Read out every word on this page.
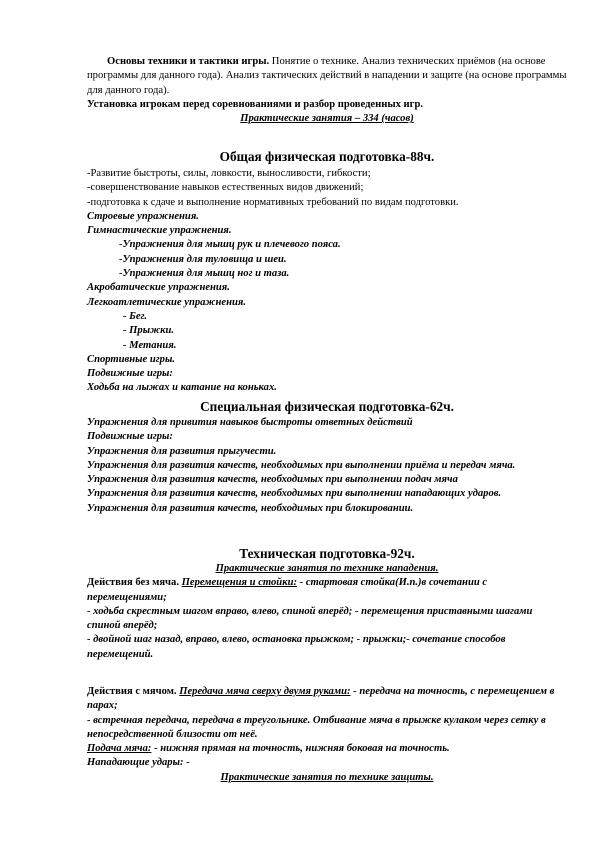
Основы техники и тактики игры. Понятие о технике. Анализ технических приёмов (на основе программы для данного года). Анализ тактических действий в нападении и защите (на основе программы для данного года).

Установка игрокам перед соревнованиями и разбор проведенных игр.

Практические занятия – 334 (часов)

Общая физическая подготовка-88ч.

-Развитие быстроты, силы, ловкости, выносливости, гибкости;

-совершенствование навыков естественных видов движений;

-подготовка к сдаче и выполнение нормативных требований по видам подготовки.

Строевые упражнения.

Гимнастические упражнения.

-Упражнения для мышц рук и плечевого пояса.

-Упражнения для туловища и шеи.

-Упражнения для мышц ног и таза.

Акробатические упражнения.

Легкоатлетические упражнения.

- Бег.

- Прыжки.

- Метания.

Спортивные игры.

Подвижные игры:

Ходьба на лыжах и катание на коньках.

Специальная физическая подготовка-62ч.

Упражнения для привития навыков быстроты ответных действий

Подвижные игры:

Упражнения для развития прыгучести.

Упражнения для развития качеств, необходимых при выполнении приёма и передач мяча.

Упражнения для развития качеств, необходимых при выполнении подач мяча

Упражнения для развития качеств, необходимых при выполнении нападающих ударов.

Упражнения для развития качеств, необходимых при блокировании.

Техническая подготовка-92ч.

Практические занятия по технике нападения.

Действия без мяча. Перемещения и стойки: - стартовая стойка(И.п.)в сочетании с перемещениями;

- ходьба скрестным шагом вправо, влево, спиной вперёд; - перемещения приставными шагами спиной вперёд;

- двойной шаг назад, вправо, влево, остановка прыжком; - прыжки;- сочетание способов перемещений.

Действия с мячом. Передача мяча сверху двумя руками: - передача на точность, с перемещением в парах;

- встречная передача, передача в треугольнике. Отбивание мяча в прыжке кулаком через сетку в непосредственной близости от неё.

Подача мяча: - нижняя прямая на точность, нижняя боковая на точность.

Нападающие удары: -

Практические занятия по технике защиты.
